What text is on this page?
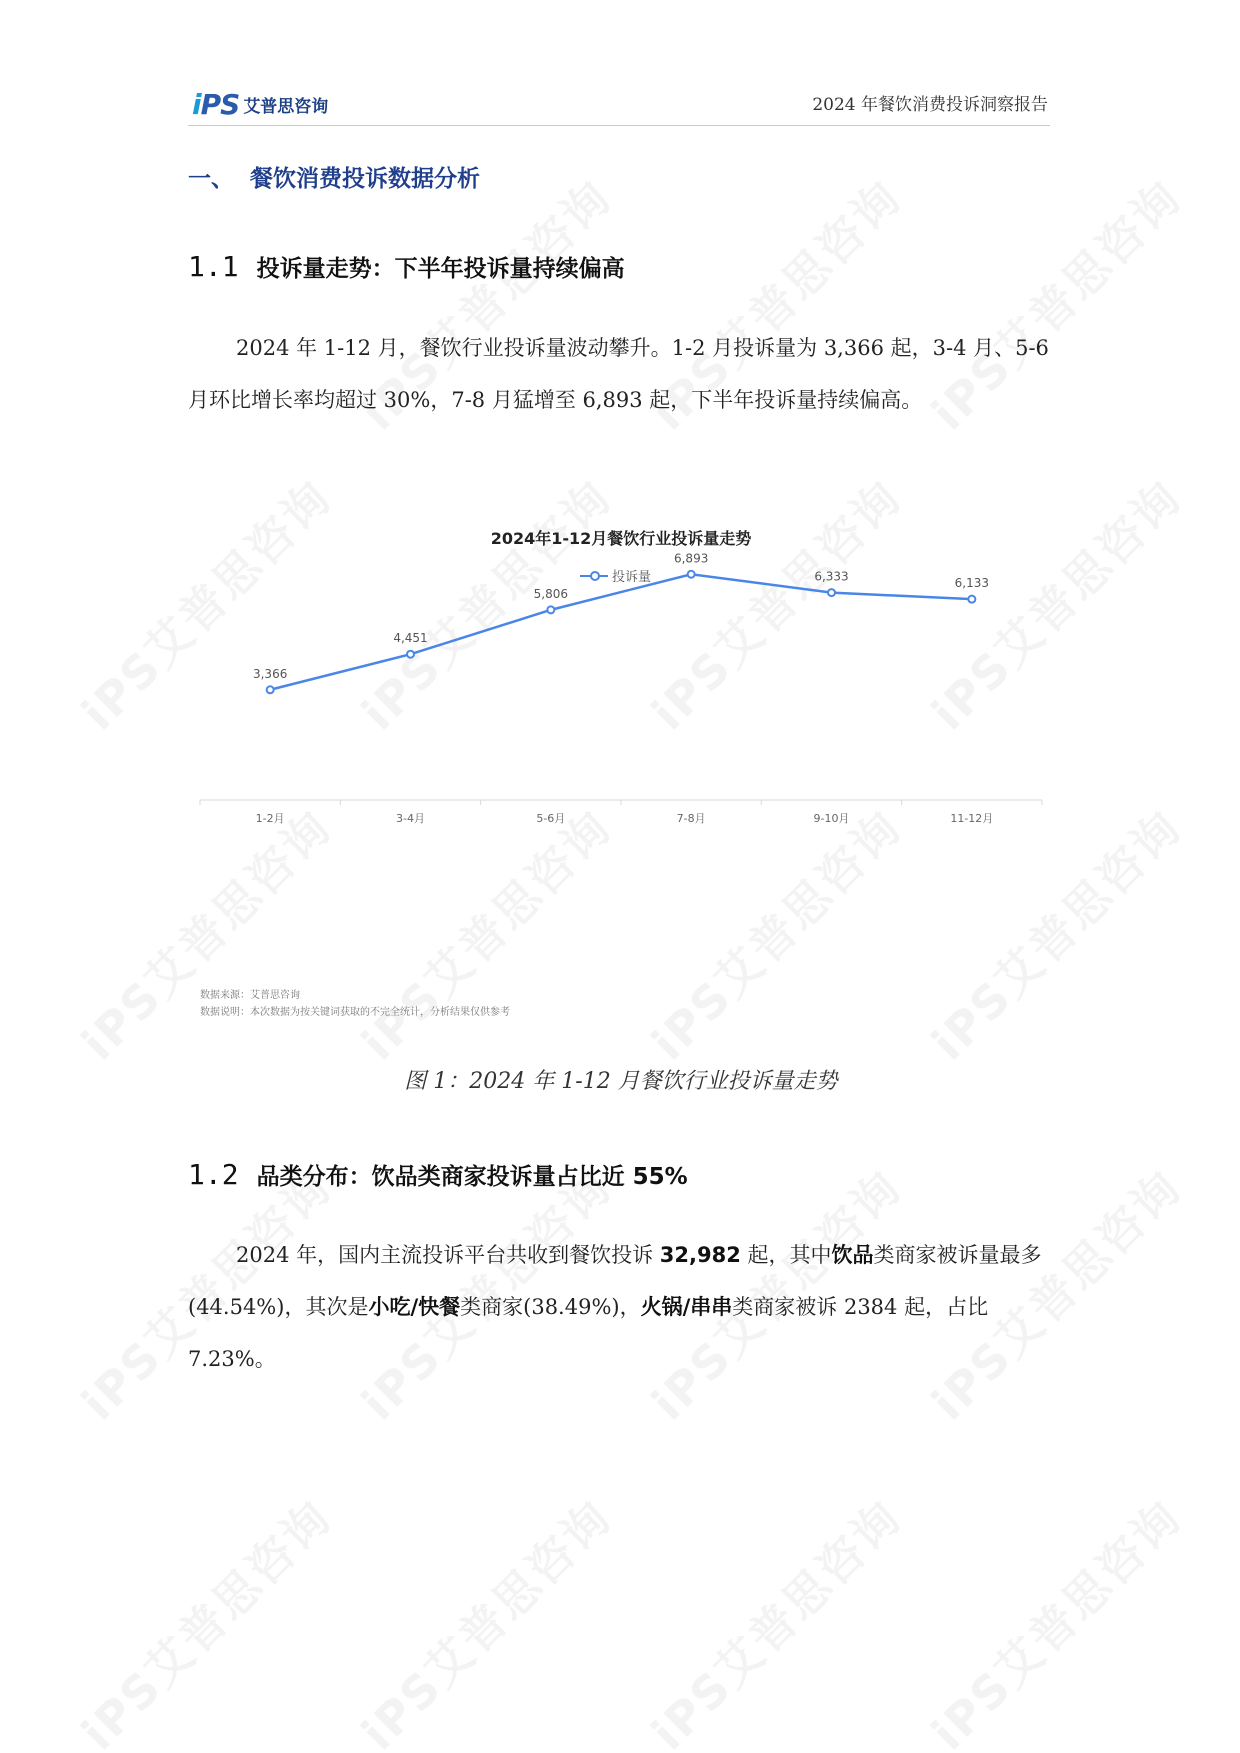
iPS 艾普思咨询	2024 年餐饮消费投诉洞察报告
一、 餐饮消费投诉数据分析
1.1 投诉量走势：下半年投诉量持续偏高
2024 年 1-12 月，餐饮行业投诉量波动攀升。1-2 月投诉量为 3,366 起，3-4 月、5-6 月环比增长率均超过 30%，7-8 月猛增至 6,893 起，下半年投诉量持续偏高。
2024年1-12月餐饮行业投诉量走势
投诉量
1-2月	3-4月	5-6月	7-8月	9-10月	11-12月
3,366
4,451
5,806
6,893
6,333	6,133
数据来源：艾普思咨询
数据说明：本次数据为按关键词获取的不完全统计，分析结果仅供参考
图 1：2024 年 1-12 月餐饮行业投诉量走势
1.2 品类分布：饮品类商家投诉量占比近 55%
2024 年，国内主流投诉平台共收到餐饮投诉 32,982 起，其中饮品类商家被诉量最多(44.54%)，其次是小吃/快餐类商家(38.49%)，火锅/串串类商家被诉 2384 起，占比 7.23%。
